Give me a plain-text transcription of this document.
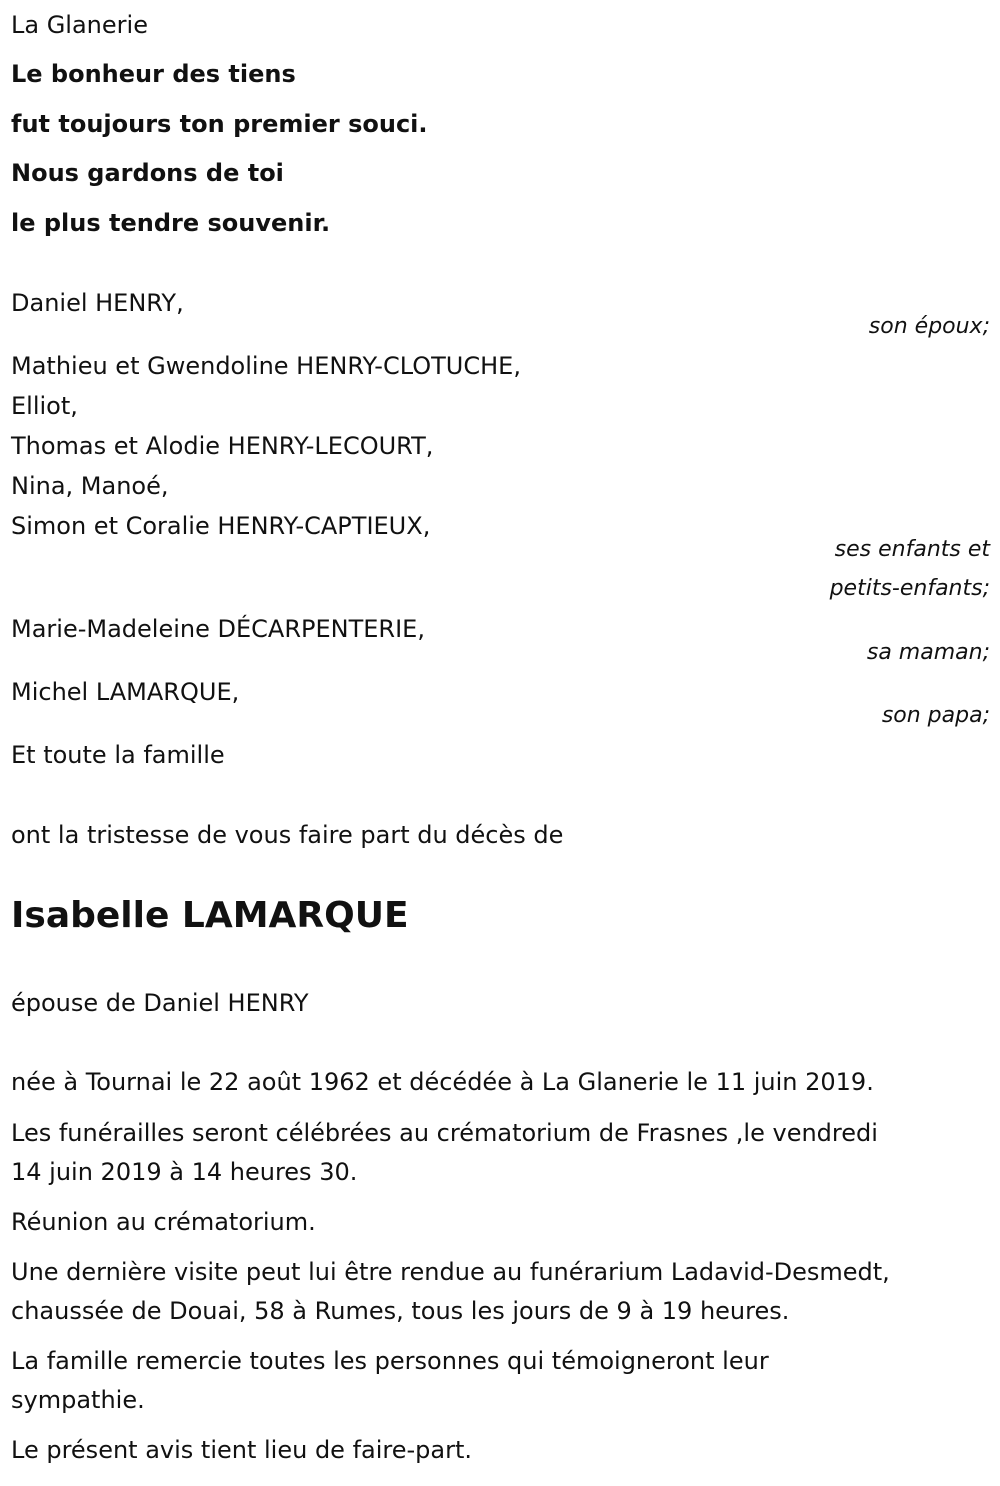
La Glanerie
Le bonheur des tiens
fut toujours ton premier souci.
Nous gardons de toi
le plus tendre souvenir.
Daniel HENRY,
son époux;
Mathieu et Gwendoline HENRY-CLOTUCHE,
Elliot,
Thomas et Alodie HENRY-LECOURT,
Nina, Manoé,
Simon et Coralie HENRY-CAPTIEUX,
ses enfants et
petits-enfants;
Marie-Madeleine DÉCARPENTERIE,
sa maman;
Michel LAMARQUE,
son papa;
Et toute la famille
ont la tristesse de vous faire part du décès de
Isabelle LAMARQUE
épouse de Daniel HENRY
née à Tournai le 22 août 1962 et décédée à La Glanerie le 11 juin 2019.
Les funérailles seront célébrées au crématorium de Frasnes ,le vendredi
14 juin 2019 à 14 heures 30.
Réunion au crématorium.
Une dernière visite peut lui être rendue au funérarium Ladavid-Desmedt,
chaussée de Douai, 58 à Rumes, tous les jours de 9 à 19 heures.
La famille remercie toutes les personnes qui témoigneront leur
sympathie.
Le présent avis tient lieu de faire-part.
